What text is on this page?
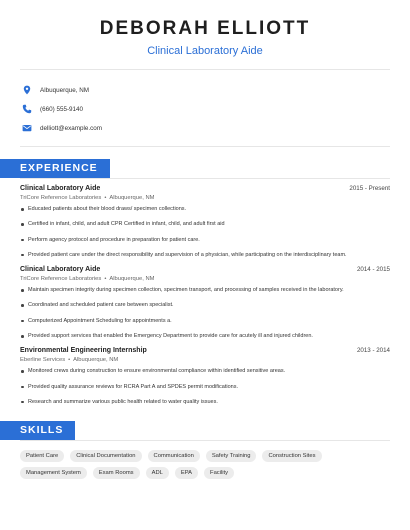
DEBORAH ELLIOTT
Clinical Laboratory Aide
Albuquerque, NM
(660) 555-9140
delliott@example.com
EXPERIENCE
Clinical Laboratory Aide	2015 - Present
TriCore Reference Laboratories • Albuquerque, NM
Educated patients about their blood draws/ specimen collections.
Certified in infant, child, and adult CPR Certified in infant, child, and adult first aid
Perform agency protocol and procedure in preparation for patient care.
Provided patient care under the direct responsibility and supervision of a physician, while participating on the interdisciplinary team.
Clinical Laboratory Aide	2014 - 2015
TriCore Reference Laboratories • Albuquerque, NM
Maintain specimen integrity during specimen collection, specimen transport, and processing of samples received in the laboratory.
Coordinated and scheduled patient care between specialist.
Computerized Appointment Scheduling for appointments a.
Provided support services that enabled the Emergency Department to provide care for acutely ill and injured children.
Environmental Engineering Internship	2013 - 2014
Eberline Services • Albuquerque, NM
Monitored crews during construction to ensure environmental compliance within identified sensitive areas.
Provided quality assurance reviews for RCRA Part A and SPDES permit modifications.
Research and summarize various public health related to water quality issues.
SKILLS
Patient Care	Clinical Documentation	Communication	Safety Training	Construction Sites
Management System	Exam Rooms	ADL	EPA	Facility
